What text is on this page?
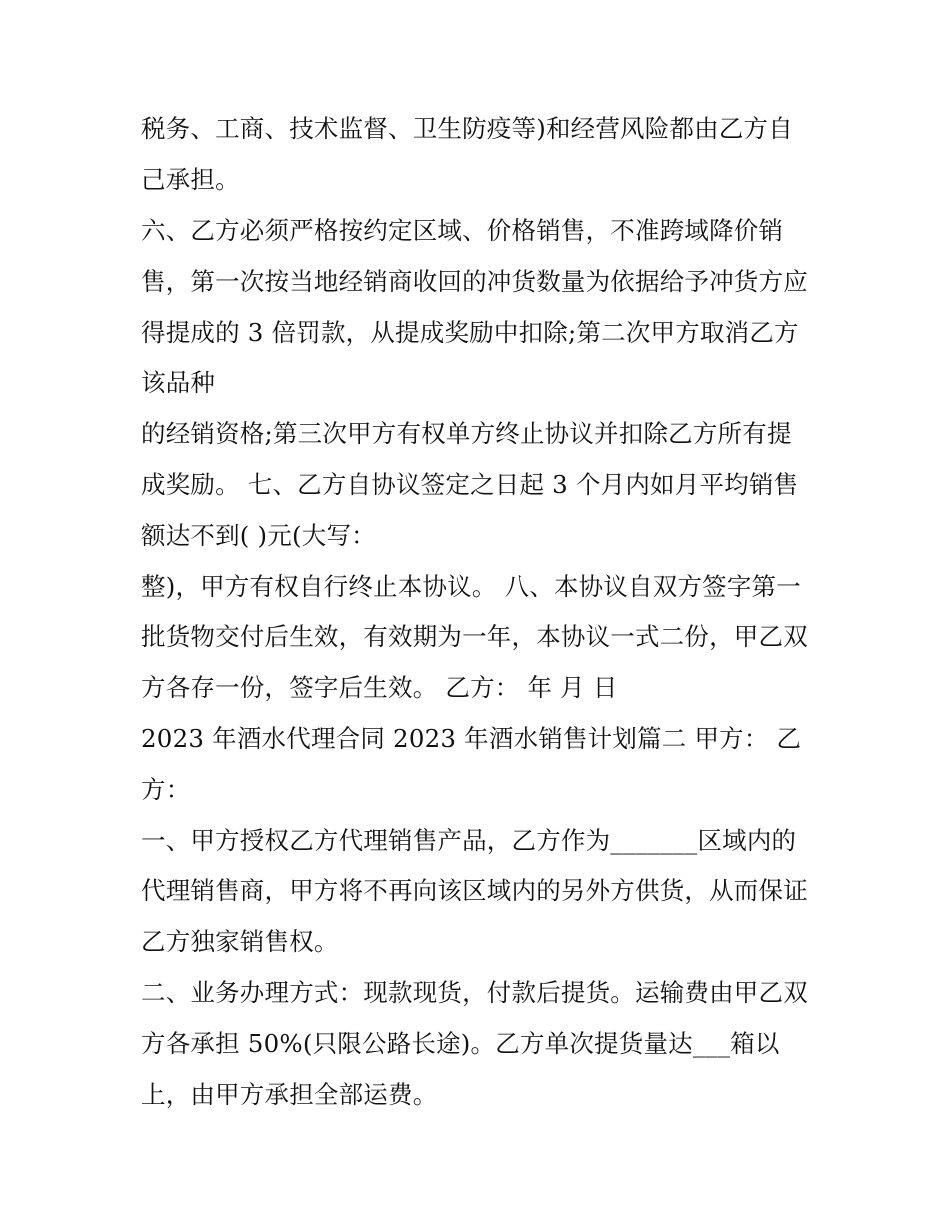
税务、工商、技术监督、卫生防疫等)和经营风险都由乙方自
己承担。
六、乙方必须严格按约定区域、价格销售，不准跨域降价销
售，第一次按当地经销商收回的冲货数量为依据给予冲货方应
得提成的 3 倍罚款，从提成奖励中扣除;第二次甲方取消乙方
该品种
的经销资格;第三次甲方有权单方终止协议并扣除乙方所有提
成奖励。 七、乙方自协议签定之日起 3 个月内如月平均销售
额达不到( )元(大写：
整)，甲方有权自行终止本协议。 八、本协议自双方签字第一
批货物交付后生效，有效期为一年，本协议一式二份，甲乙双
方各存一份，签字后生效。 乙方： 年 月 日
2023 年酒水代理合同 2023 年酒水销售计划篇二 甲方： 乙
方：
一、甲方授权乙方代理销售产品，乙方作为_______区域内的
代理销售商，甲方将不再向该区域内的另外方供货，从而保证
乙方独家销售权。
二、业务办理方式：现款现货，付款后提货。运输费由甲乙双
方各承担 50%(只限公路长途)。乙方单次提货量达___箱以
上，由甲方承担全部运费。
